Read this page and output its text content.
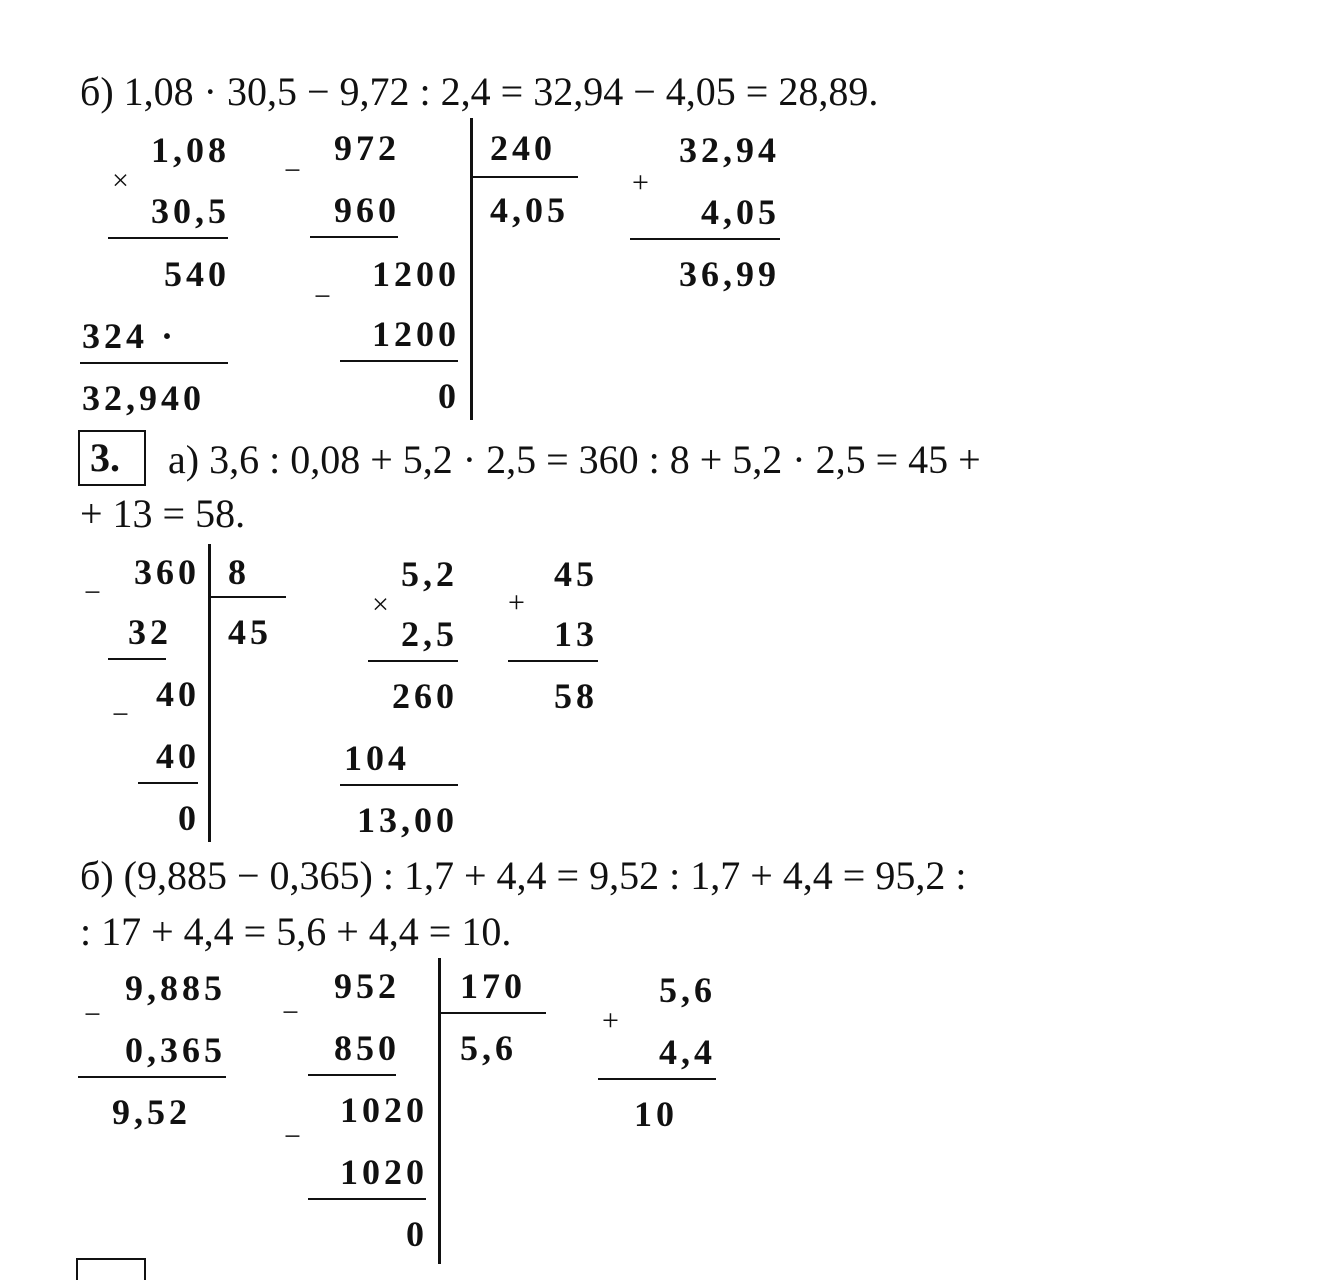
б) 1,08 · 30,5 − 9,72 : 2,4 = 32,94 − 4,05 = 28,89.
×
1,08
30,5
540
324 ·
32,940
−
972
960
1200
−
1200
0
240
4,05
+
32,94
4,05
36,99
3. а) 3,6 : 0,08 + 5,2 · 2,5 = 360 : 8 + 5,2 · 2,5 = 45 +
+ 13 = 58.
−
360
32
40
−
40
0
8
45
×
5,2
2,5
260
104
13,00
+
45
13
58
б) (9,885 − 0,365) : 1,7 + 4,4 = 9,52 : 1,7 + 4,4 = 95,2 :
: 17 + 4,4 = 5,6 + 4,4 = 10.
−
9,885
0,365
9,52
−
952
850
1020
−
1020
0
170
5,6
+
5,6
4,4
10
